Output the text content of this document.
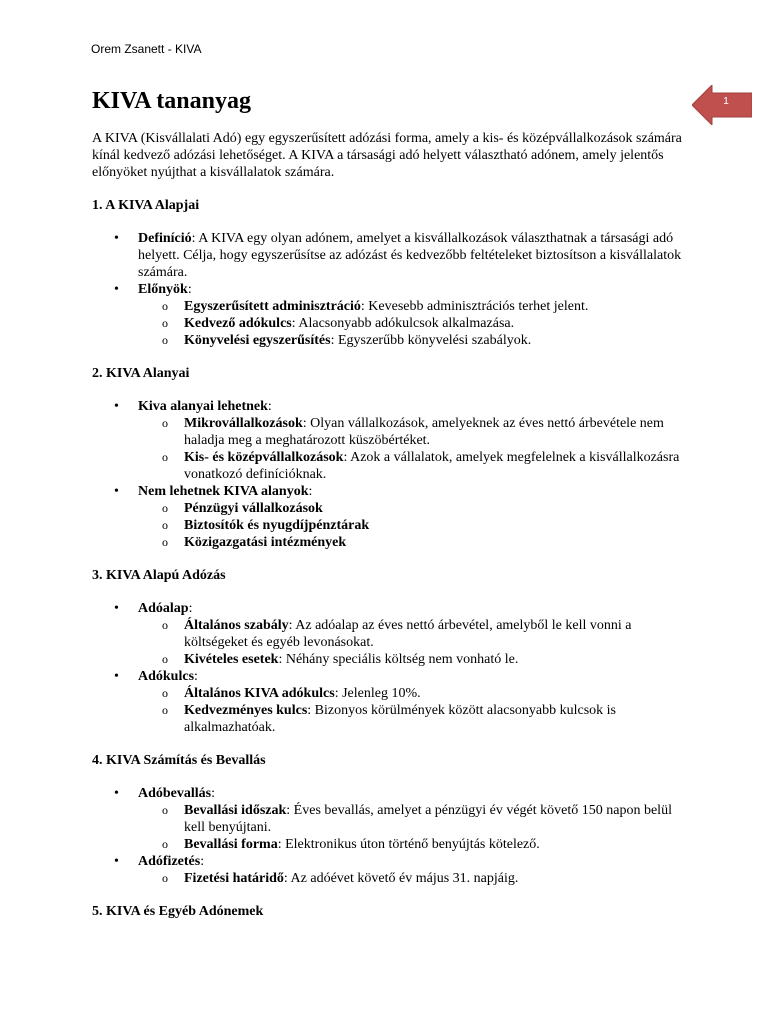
Orem Zsanett - KIVA
1
KIVA tananyag

A KIVA (Kisvállalati Adó) egy egyszerűsített adózási forma, amely a kis- és középvállalkozások számára kínál kedvező adózási lehetőséget. A KIVA a társasági adó helyett választható adónem, amely jelentős előnyöket nyújthat a kisvállalatok számára.

1. A KIVA Alapjai
• Definíció: A KIVA egy olyan adónem, amelyet a kisvállalkozások választhatnak a társasági adó helyett. Célja, hogy egyszerűsítse az adózást és kedvezőbb feltételeket biztosítson a kisvállalatok számára.
• Előnyök:
o Egyszerűsített adminisztráció: Kevesebb adminisztrációs terhet jelent.
o Kedvező adókulcs: Alacsonyabb adókulcsok alkalmazása.
o Könyvelési egyszerűsítés: Egyszerűbb könyvelési szabályok.
2. KIVA Alanyai
• Kiva alanyai lehetnek:
o Mikrovállalkozások: Olyan vállalkozások, amelyeknek az éves nettó árbevétele nem haladja meg a meghatározott küszöbértéket.
o Kis- és középvállalkozások: Azok a vállalatok, amelyek megfelelnek a kisvállalkozásra vonatkozó definícióknak.
• Nem lehetnek KIVA alanyok:
o Pénzügyi vállalkozások
o Biztosítók és nyugdíjpénztárak
o Közigazgatási intézmények
3. KIVA Alapú Adózás
• Adóalap:
o Általános szabály: Az adóalap az éves nettó árbevétel, amelyből le kell vonni a költségeket és egyéb levonásokat.
o Kivételes esetek: Néhány speciális költség nem vonható le.
• Adókulcs:
o Általános KIVA adókulcs: Jelenleg 10%.
o Kedvezményes kulcs: Bizonyos körülmények között alacsonyabb kulcsok is alkalmazhatóak.
4. KIVA Számítás és Bevallás
• Adóbevallás:
o Bevallási időszak: Éves bevallás, amelyet a pénzügyi év végét követő 150 napon belül kell benyújtani.
o Bevallási forma: Elektronikus úton történő benyújtás kötelező.
• Adófizetés:
o Fizetési határidő: Az adóévet követő év május 31. napjáig.
5. KIVA és Egyéb Adónemek
